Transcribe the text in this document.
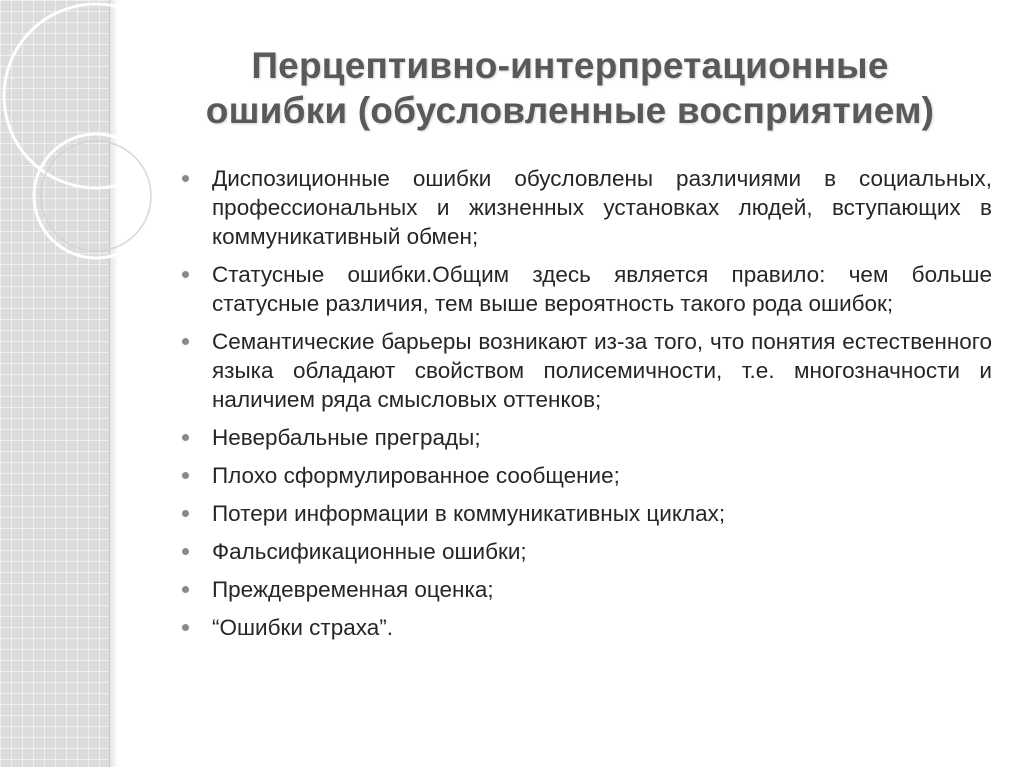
Перцептивно-интерпретационные
ошибки (обусловленные восприятием)
Диспозиционные ошибки обусловлены различиями в социальных, профессиональных и жизненных установках людей, вступающих в коммуникативный обмен;
Статусные ошибки.Общим здесь является правило: чем больше статусные различия, тем выше вероятность такого рода ошибок;
Семантические барьеры возникают из-за того, что понятия естественного языка обладают свойством полисемичности, т.е. многозначности и наличием ряда смысловых оттенков;
Невербальные преграды;
Плохо сформулированное сообщение;
Потери информации в коммуникативных циклах;
Фальсификационные ошибки;
Преждевременная оценка;
“Ошибки страха”.
